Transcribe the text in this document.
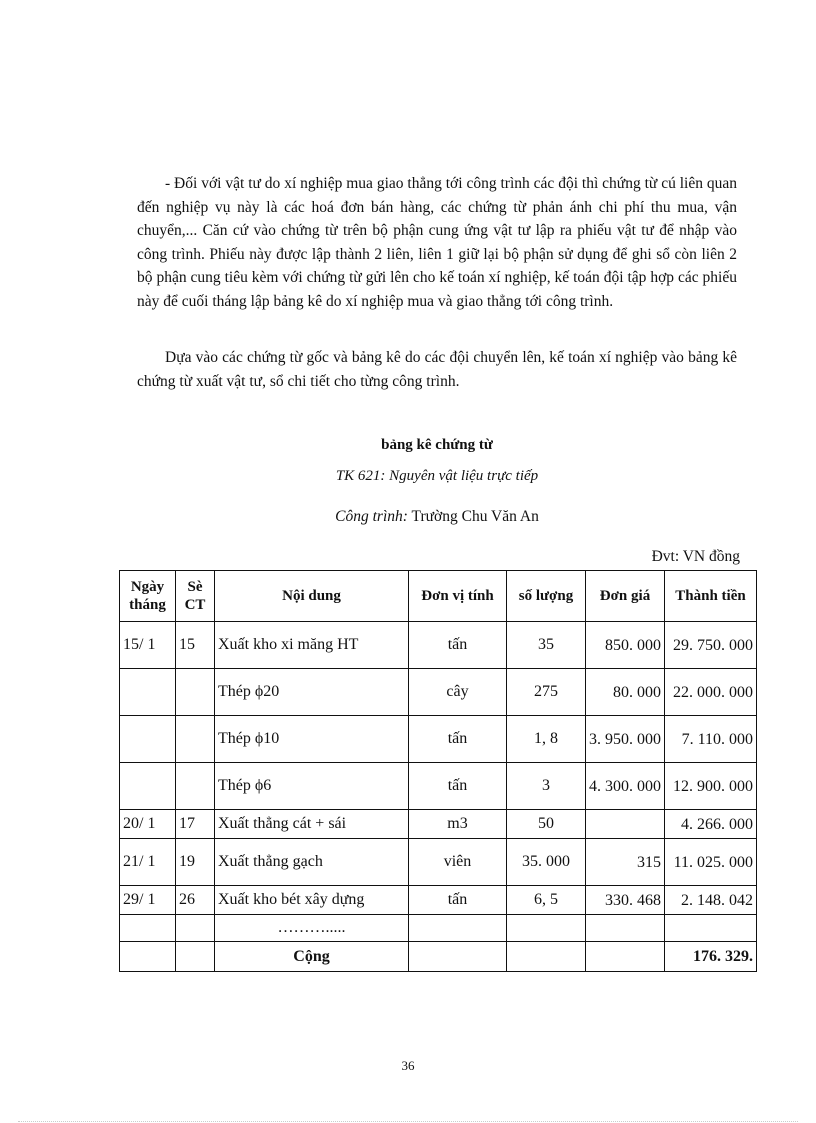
- Đối với vật tư do xí nghiệp mua giao thẳng tới công trình các đội thì chứng từ cú liên quan đến nghiệp vụ này là các hoá đơn bán hàng, các chứng từ phản ánh chi phí thu mua, vận chuyển,... Căn cứ vào chứng từ trên bộ phận cung ứng vật tư lập ra phiếu vật tư để nhập vào công trình. Phiếu này được lập thành 2 liên, liên 1 giữ lại bộ phận sử dụng để ghi sổ còn liên 2 bộ phận cung tiêu kèm với chứng từ gửi lên cho kế toán xí nghiệp, kế toán đội tập hợp các phiếu này để cuối tháng lập bảng kê do xí nghiệp mua và giao thẳng tới công trình.

Dựa vào các chứng từ gốc và bảng kê do các đội chuyển lên, kế toán xí nghiệp vào bảng kê chứng từ xuất vật tư, sổ chi tiết cho từng công trình.

bảng kê chứng từ

TK 621: Nguyên vật liệu trực tiếp

Công trình: Trường Chu Văn An

Đvt: VN đồng

Ngày tháng	Sè CT	Nội dung	Đơn vị tính	số lượng	Đơn giá	Thành tiền
15/ 1	15	Xuất kho xi măng HT	tấn	35	850. 000	29. 750. 000
		Thép ϕ20	cây	275	80. 000	22. 000. 000
		Thép ϕ10	tấn	1, 8	3. 950. 000	7. 110. 000
		Thép ϕ6	tấn	3	4. 300. 000	12. 900. 000
20/ 1	17	Xuất thẳng cát + sái	m3	50		4. 266. 000
21/ 1	19	Xuất thẳng gạch	viên	35. 000	315	11. 025. 000
29/ 1	26	Xuất kho bét xây dựng	tấn	6, 5	330. 468	2. 148. 042
		……….....				
		Cộng				176. 329.

36
